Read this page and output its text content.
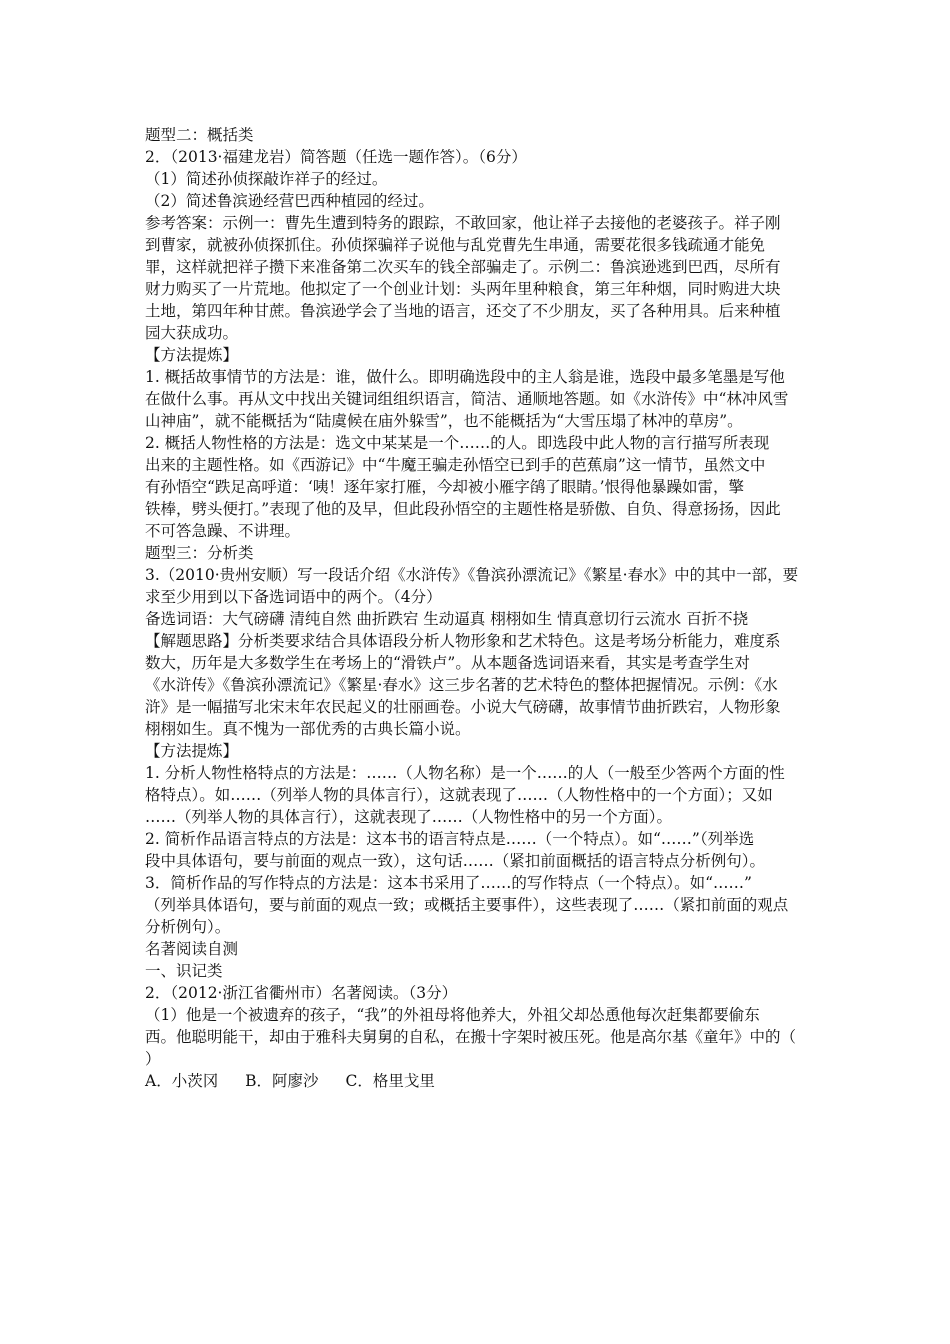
题型二：概括类
2．（2013·福建龙岩）简答题（任选一题作答）。（6分）
（1）简述孙侦探敲诈祥子的经过。
（2）简述鲁滨逊经营巴西种植园的经过。
参考答案：示例一：曹先生遭到特务的跟踪，不敢回家，他让祥子去接他的老婆孩子。祥子刚
到曹家，就被孙侦探抓住。孙侦探骗祥子说他与乱党曹先生串通，需要花很多钱疏通才能免
罪，这样就把祥子攒下来准备第二次买车的钱全部骗走了。示例二：鲁滨逊逃到巴西，尽所有
财力购买了一片荒地。他拟定了一个创业计划：头两年里种粮食，第三年种烟，同时购进大块
土地，第四年种甘蔗。鲁滨逊学会了当地的语言，还交了不少朋友，买了各种用具。后来种植
园大获成功。
【方法提炼】
1. 概括故事情节的方法是：谁，做什么。即明确选段中的主人翁是谁，选段中最多笔墨是写他
在做什么事。再从文中找出关键词组组织语言，简洁、通顺地答题。如《水浒传》中“林冲风雪
山神庙”，就不能概括为“陆虞候在庙外躲雪”，也不能概括为“大雪压塌了林冲的草房”。
2. 概括人物性格的方法是：选文中某某是一个……的人。即选段中此人物的言行描写所表现
出来的主题性格。如《西游记》中“牛魔王骗走孙悟空已到手的芭蕉扇”这一情节，虽然文中
有孙悟空“跌足高呼道：‘咦！逐年家打雁，今却被小雁字鹐了眼睛。’恨得他暴躁如雷，擎
铁棒，劈头便打。”表现了他的及早，但此段孙悟空的主题性格是骄傲、自负、得意扬扬，因此
不可答急躁、不讲理。
题型三：分析类
3.（2010·贵州安顺）写一段话介绍《水浒传》《鲁滨孙漂流记》《繁星·春水》中的其中一部，要
求至少用到以下备选词语中的两个。（4分）
备选词语：大气磅礴 清纯自然 曲折跌宕 生动逼真 栩栩如生 情真意切行云流水 百折不挠
【解题思路】分析类要求结合具体语段分析人物形象和艺术特色。这是考场分析能力，难度系
数大，历年是大多数学生在考场上的“滑铁卢”。从本题备选词语来看，其实是考查学生对
《水浒传》《鲁滨孙漂流记》《繁星·春水》这三步名著的艺术特色的整体把握情况。示例：《水
浒》是一幅描写北宋末年农民起义的壮丽画卷。小说大气磅礴，故事情节曲折跌宕，人物形象
栩栩如生。真不愧为一部优秀的古典长篇小说。
【方法提炼】
1. 分析人物性格特点的方法是：……（人物名称）是一个……的人（一般至少答两个方面的性
格特点）。如……（列举人物的具体言行），这就表现了……（人物性格中的一个方面）；又如
……（列举人物的具体言行），这就表现了……（人物性格中的另一个方面）。
2. 简析作品语言特点的方法是：这本书的语言特点是……（一个特点）。如“……”（列举选
段中具体语句，要与前面的观点一致），这句话……（紧扣前面概括的语言特点分析例句）。
3．简析作品的写作特点的方法是：这本书采用了……的写作特点（一个特点）。如“……”
（列举具体语句，要与前面的观点一致；或概括主要事件），这些表现了……（紧扣前面的观点
分析例句）。
名著阅读自测
一、识记类
2．（2012·浙江省衢州市）名著阅读。（3分）
（1）他是一个被遗弃的孩子，“我”的外祖母将他养大，外祖父却怂恿他每次赶集都要偷东
西。他聪明能干，却由于雅科夫舅舅的自私，在搬十字架时被压死。他是高尔基《童年》中的（
）
A．小茨冈 B．阿廖沙 C．格里戈里
